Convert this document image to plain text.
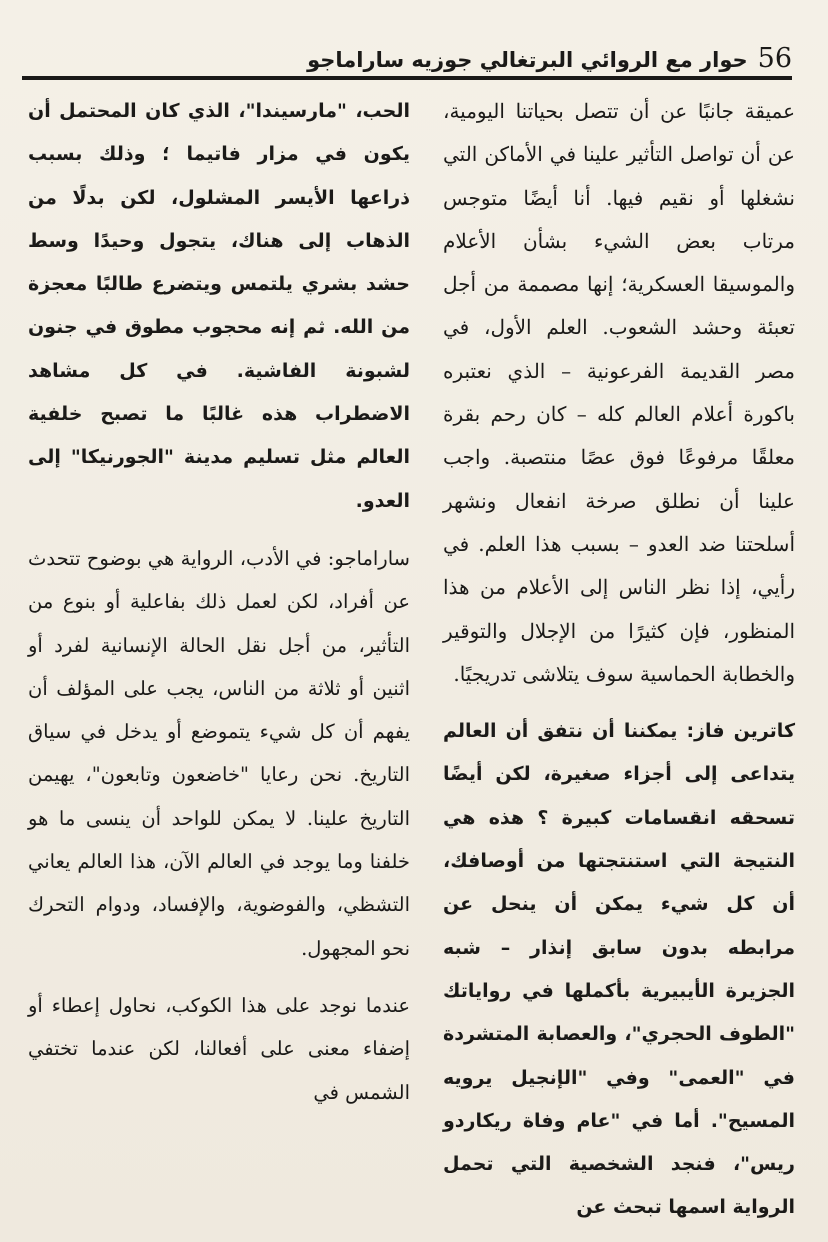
حوار مع الروائي البرتغالي جوزيه ساراماجو 56

عميقة جانبًا عن أن تتصل بحياتنا اليومية، عن أن تواصل التأثير علينا في الأماكن التي نشغلها أو نقيم فيها. أنا أيضًا متوجس مرتاب بعض الشيء بشأن الأعلام والموسيقا العسكرية؛ إنها مصممة من أجل تعبئة وحشد الشعوب. العلم الأول، في مصر القديمة الفرعونية – الذي نعتبره باكورة أعلام العالم كله – كان رحم بقرة معلقًا مرفوعًا فوق عصًا منتصبة. واجب علينا أن نطلق صرخة انفعال ونشهر أسلحتنا ضد العدو – بسبب هذا العلم. في رأيي، إذا نظر الناس إلى الأعلام من هذا المنظور، فإن كثيرًا من الإجلال والتوقير والخطابة الحماسية سوف يتلاشى تدريجيًا.

كاترين فاز: يمكننا أن نتفق أن العالم يتداعى إلى أجزاء صغيرة، لكن أيضًا تسحقه انقسامات كبيرة ؟ هذه هي النتيجة التي استنتجتها من أوصافك، أن كل شيء يمكن أن ينحل عن مرابطه بدون سابق إنذار – شبه الجزيرة الأيبيرية بأكملها في رواياتك "الطوف الحجري"، والعصابة المتشردة في "العمى" وفي "الإنجيل يرويه المسيح". أما في "عام وفاة ريكاردو ريس"، فنجد الشخصية التي تحمل الرواية اسمها تبحث عن

الحب، "مارسيندا"، الذي كان المحتمل أن يكون في مزار فاتيما ؛ وذلك بسبب ذراعها الأيسر المشلول، لكن بدلًا من الذهاب إلى هناك، يتجول وحيدًا وسط حشد بشري يلتمس ويتضرع طالبًا معجزة من الله. ثم إنه محجوب مطوق في جنون لشبونة الفاشية. في كل مشاهد الاضطراب هذه غالبًا ما تصبح خلفية العالم مثل تسليم مدينة "الجورنيكا" إلى العدو.

ساراماجو: في الأدب، الرواية هي بوضوح تتحدث عن أفراد، لكن لعمل ذلك بفاعلية أو بنوع من التأثير، من أجل نقل الحالة الإنسانية لفرد أو اثنين أو ثلاثة من الناس، يجب على المؤلف أن يفهم أن كل شيء يتموضع أو يدخل في سياق التاريخ. نحن رعايا "خاضعون وتابعون"، يهيمن التاريخ علينا. لا يمكن للواحد أن ينسى ما هو خلفنا وما يوجد في العالم الآن، هذا العالم يعاني التشظي، والفوضوية، والإفساد، ودوام التحرك نحو المجهول.

عندما نوجد على هذا الكوكب، نحاول إعطاء أو إضفاء معنى على أفعالنا، لكن عندما تختفي الشمس في
